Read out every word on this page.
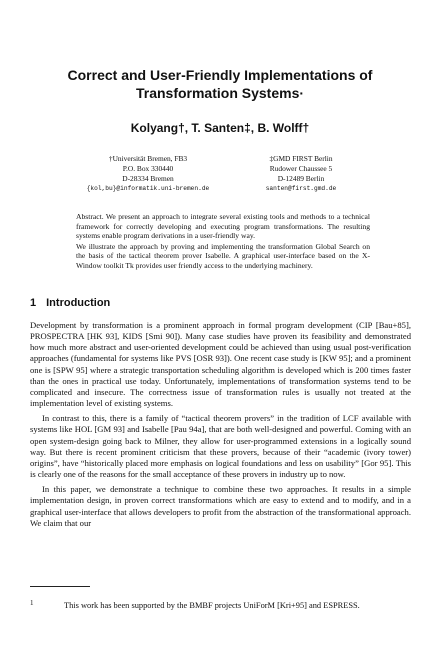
Correct and User-Friendly Implementations of
Transformation Systems·
Kolyang†, T. Santen‡, B. Wolff†
†Universität Bremen, FB3
P.O. Box 330440
D-28334 Bremen
{kol,bu}@informatik.uni-bremen.de
‡GMD FIRST Berlin
Rudower Chaussee 5
D-12489 Berlin
santen@first.gmd.de

Abstract. We present an approach to integrate several existing tools and methods to a technical framework for correctly developing and executing program transformations. The resulting systems enable program derivations in a user-friendly way.

We illustrate the approach by proving and implementing the transformation Global Search on the basis of the tactical theorem prover Isabelle. A graphical user-interface based on the X-Window toolkit Tk provides user friendly access to the underlying machinery.

1 Introduction

Development by transformation is a prominent approach in formal program development (CIP [Bau+85], PROSPECTRA [HK 93], KIDS [Smi 90]). Many case studies have proven its feasibility and demonstrated how much more abstract and user-oriented development could be achieved than using usual post-verification approaches (fundamental for systems like PVS [OSR 93]). One recent case study is [KW 95]; and a prominent one is [SPW 95] where a strategic transportation scheduling algorithm is developed which is 200 times faster than the ones in practical use today. Unfortunately, implementations of transformation systems tend to be complicated and insecure. The correctness issue of transformation rules is usually not treated at the implementation level of existing systems.

In contrast to this, there is a family of “tactical theorem provers” in the tradition of LCF available with systems like HOL [GM 93] and Isabelle [Pau 94a], that are both well-designed and powerful. Coming with an open system-design going back to Milner, they allow for user-programmed extensions in a logically sound way. But there is recent prominent criticism that these provers, because of their “academic (ivory tower) origins”, have “historically placed more emphasis on logical foundations and less on usability” [Gor 95]. This is clearly one of the reasons for the small acceptance of these provers in industry up to now.

In this paper, we demonstrate a technique to combine these two approaches. It results in a simple implementation design, in proven correct transformations which are easy to extend and to modify, and in a graphical user-interface that allows developers to profit from the abstraction of the transformational approach. We claim that our

1	This work has been supported by the BMBF projects UniForM [Kri+95] and ESPRESS.
